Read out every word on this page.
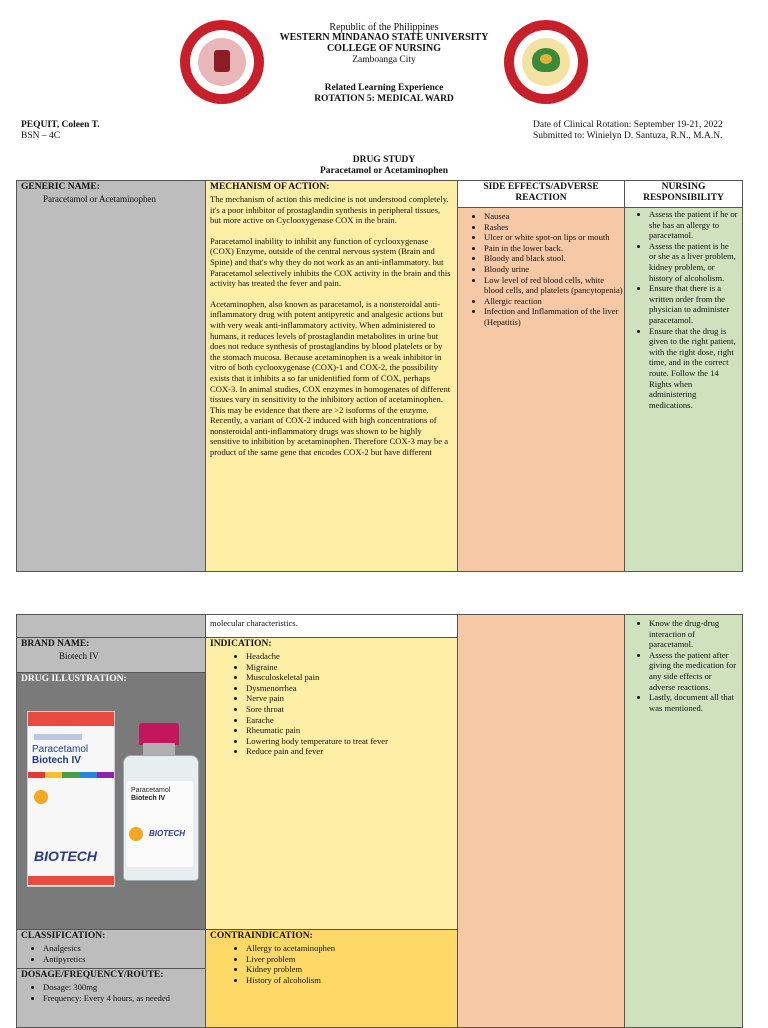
Republic of the Philippines
WESTERN MINDANAO STATE UNIVERSITY
COLLEGE OF NURSING
Zamboanga City
Related Learning Experience
ROTATION 5: MEDICAL WARD
PEQUIT, Coleen T.
BSN – 4C
Date of Clinical Rotation: September 19-21, 2022
Submitted to: Winielyn D. Santuza, R.N., M.A.N.
DRUG STUDY
Paracetamol or Acetaminophen
GENERIC NAME:
Paracetamol or Acetaminophen
MECHANISM OF ACTION:
The mechanism of action this medicine is not understood completely. it's a poor inhibitor of prostaglandin synthesis in peripheral tissues, but more active on Cyclooxygenase COX in the brain.
Paracetamol inability to inhibit any function of cyclooxygenase (COX) Enzyme, outside of the central nervous system (Brain and Spine) and that's why they do not work as an anti-inflammatory. but Paracetamol selectively inhibits the COX activity in the brain and this activity has treated the fever and pain.
Acetaminophen, also known as paracetamol, is a nonsteroidal anti-inflammatory drug with potent antipyretic and analgesic actions but with very weak anti-inflammatory activity. When administered to humans, it reduces levels of prostaglandin metabolites in urine but does not reduce synthesis of prostaglandins by blood platelets or by the stomach mucosa. Because acetaminophen is a weak inhibitor in vitro of both cyclooxygenase (COX)-1 and COX-2, the possibility exists that it inhibits a so far unidentified form of COX, perhaps COX-3. In animal studies, COX enzymes in homogenates of different tissues vary in sensitivity to the inhibitory action of acetaminophen. This may be evidence that there are >2 isoforms of the enzyme. Recently, a variant of COX-2 induced with high concentrations of nonsteroidal anti-inflammatory drugs was shown to be highly sensitive to inhibition by acetaminophen. Therefore COX-3 may be a product of the same gene that encodes COX-2 but have different
SIDE EFFECTS/ADVERSE REACTION
• Nausea
• Rashes
• Ulcer or white spot-on lips or mouth
• Pain in the lower back.
• Bloody and black stool.
• Bloody urine
• Low level of red blood cells, white blood cells, and platelets (pancytopenia)
• Allergic reaction
• Infection and Inflammation of the liver (Hepatitis)
NURSING RESPONSIBILITY
• Assess the patient if he or she has an allergy to paracetamol.
• Assess the patient is he or she as a liver problem, kidney problem, or history of alcoholism.
• Ensure that there is a written order from the physician to administer paracetamol.
• Ensure that the drug is given to the right patient, with the right dose, right time, and in the correct route. Follow the 14 Rights when administering medications.
molecular characteristics.
BRAND NAME:
Biotech IV
DRUG ILLUSTRATION:
Paracetamol
Biotech IV
BIOTECH
Paracetamol
Biotech IV
BIOTECH
CLASSIFICATION:
• Analgesics
• Antipyretics
DOSAGE/FREQUENCY/ROUTE:
• Dosage: 300mg
• Frequency: Every 4 hours, as needed
INDICATION:
• Headache
• Migraine
• Musculoskeletal pain
• Dysmenorrhea
• Nerve pain
• Sore throat
• Earache
• Rheumatic pain
• Lowering body temperature to treat fever
• Reduce pain and fever
CONTRAINDICATION:
• Allergy to acetaminophen
• Liver problem
• Kidney problem
• History of alcoholism
• Know the drug-drug interaction of paracetamol.
• Assess the patient after giving the medication for any side effects or adverse reactions.
• Lastly, document all that was mentioned.
